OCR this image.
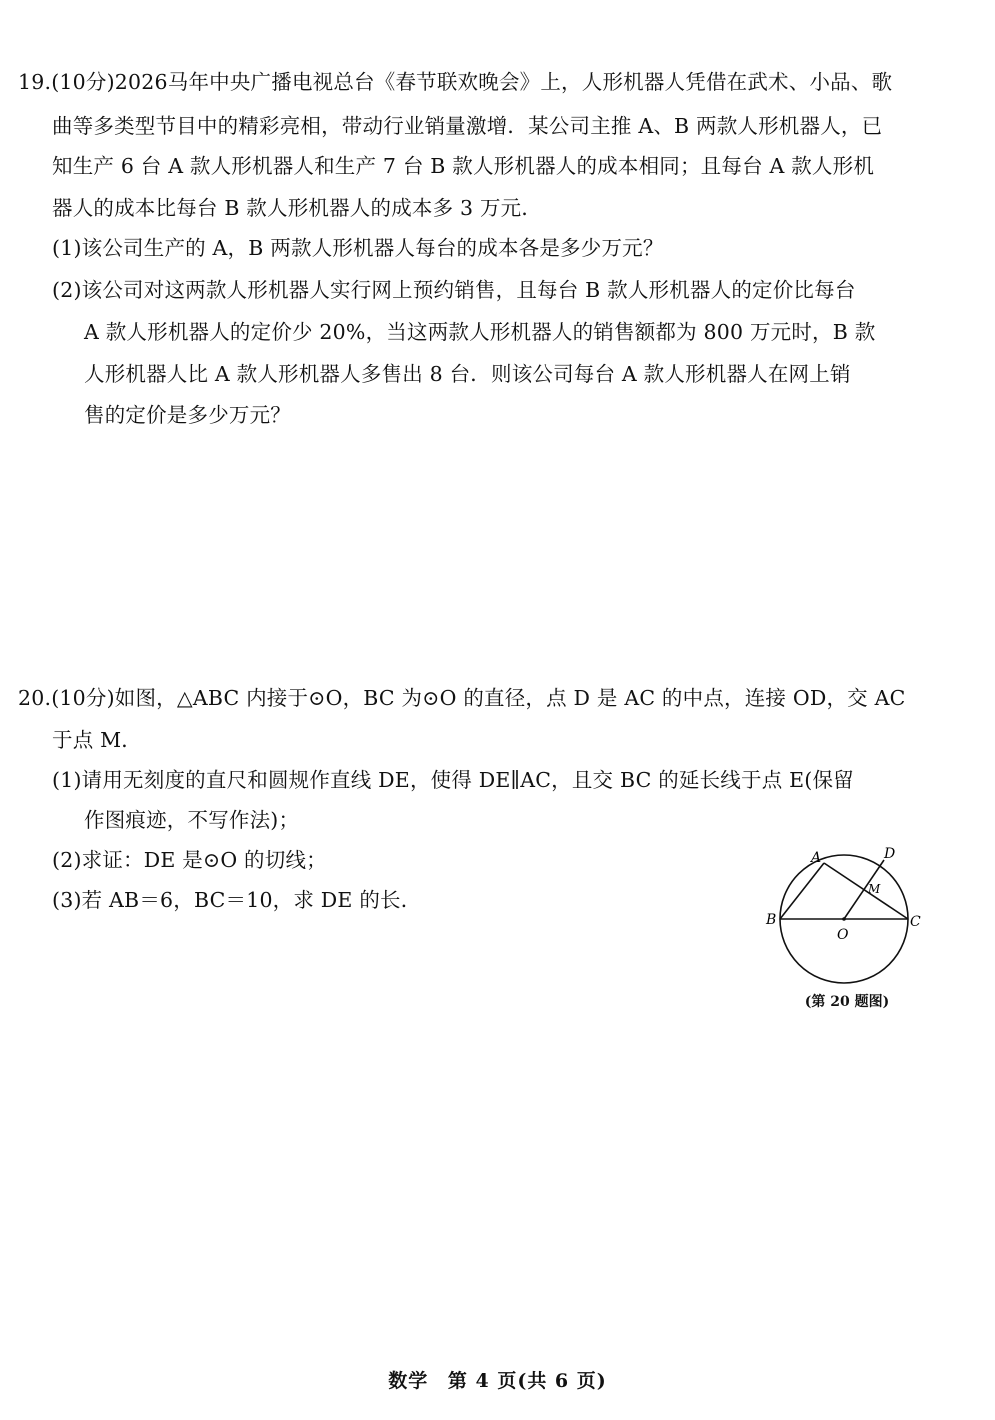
19.(10分)2026马年中央广播电视总台《春节联欢晚会》上，人形机器人凭借在武术、小品、歌
曲等多类型节目中的精彩亮相，带动行业销量激增．某公司主推 A、B 两款人形机器人，已
知生产 6 台 A 款人形机器人和生产 7 台 B 款人形机器人的成本相同；且每台 A 款人形机
器人的成本比每台 B 款人形机器人的成本多 3 万元．
(1)该公司生产的 A，B 两款人形机器人每台的成本各是多少万元？
(2)该公司对这两款人形机器人实行网上预约销售，且每台 B 款人形机器人的定价比每台
A 款人形机器人的定价少 20%，当这两款人形机器人的销售额都为 800 万元时，B 款
人形机器人比 A 款人形机器人多售出 8 台．则该公司每台 A 款人形机器人在网上销
售的定价是多少万元？
20.(10分)如图，△ABC 内接于⊙O，BC 为⊙O 的直径，点 D 是 AC 的中点，连接 OD，交 AC
于点 M．
(1)请用无刻度的直尺和圆规作直线 DE，使得 DE∥AC，且交 BC 的延长线于点 E(保留
作图痕迹，不写作法)；
(2)求证：DE 是⊙O 的切线；
(3)若 AB＝6，BC＝10，求 DE 的长．
A	D
M
B	C
O
(第 20 题图)
数学 第 4 页(共 6 页)
